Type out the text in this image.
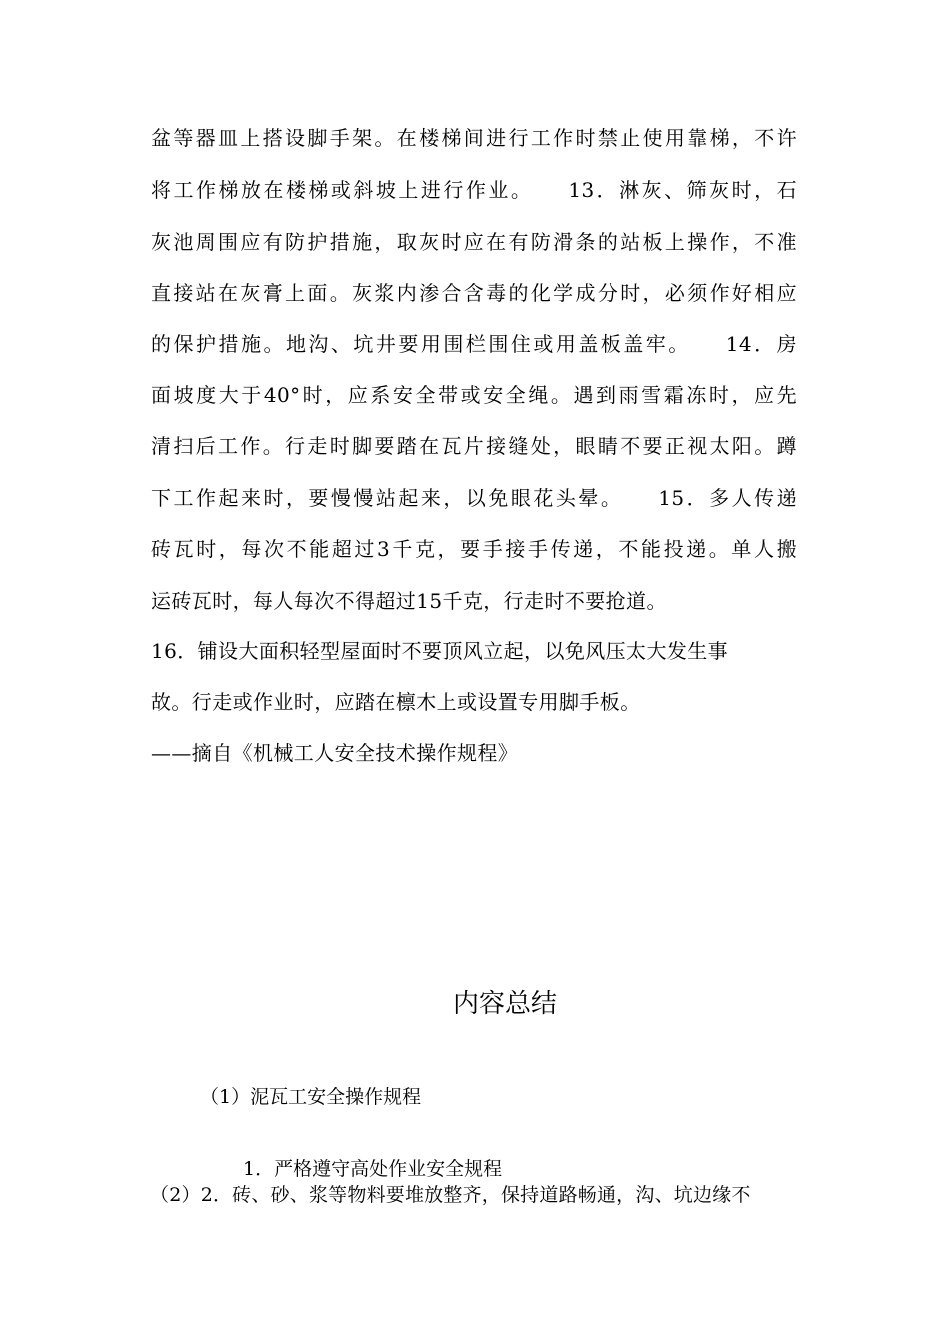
盆等器皿上搭设脚手架。在楼梯间进行工作时禁止使用靠梯，不许
将工作梯放在楼梯或斜坡上进行作业。　　13．淋灰、筛灰时，石
灰池周围应有防护措施，取灰时应在有防滑条的站板上操作，不准
直接站在灰膏上面。灰浆内渗合含毒的化学成分时，必须作好相应
的保护措施。地沟、坑井要用围栏围住或用盖板盖牢。　　14．房
面坡度大于40°时，应系安全带或安全绳。遇到雨雪霜冻时，应先
清扫后工作。行走时脚要踏在瓦片接缝处，眼睛不要正视太阳。蹲
下工作起来时，要慢慢站起来，以免眼花头晕。　　15．多人传递
砖瓦时，每次不能超过3千克，要手接手传递，不能投递。单人搬
运砖瓦时，每人每次不得超过15千克，行走时不要抢道。
16．铺设大面积轻型屋面时不要顶风立起，以免风压太大发生事
故。行走或作业时，应踏在檩木上或设置专用脚手板。
——摘自《机械工人安全技术操作规程》
内容总结
（1）泥瓦工安全操作规程
1．严格遵守高处作业安全规程
（2）2．砖、砂、浆等物料要堆放整齐，保持道路畅通，沟、坑边缘不
